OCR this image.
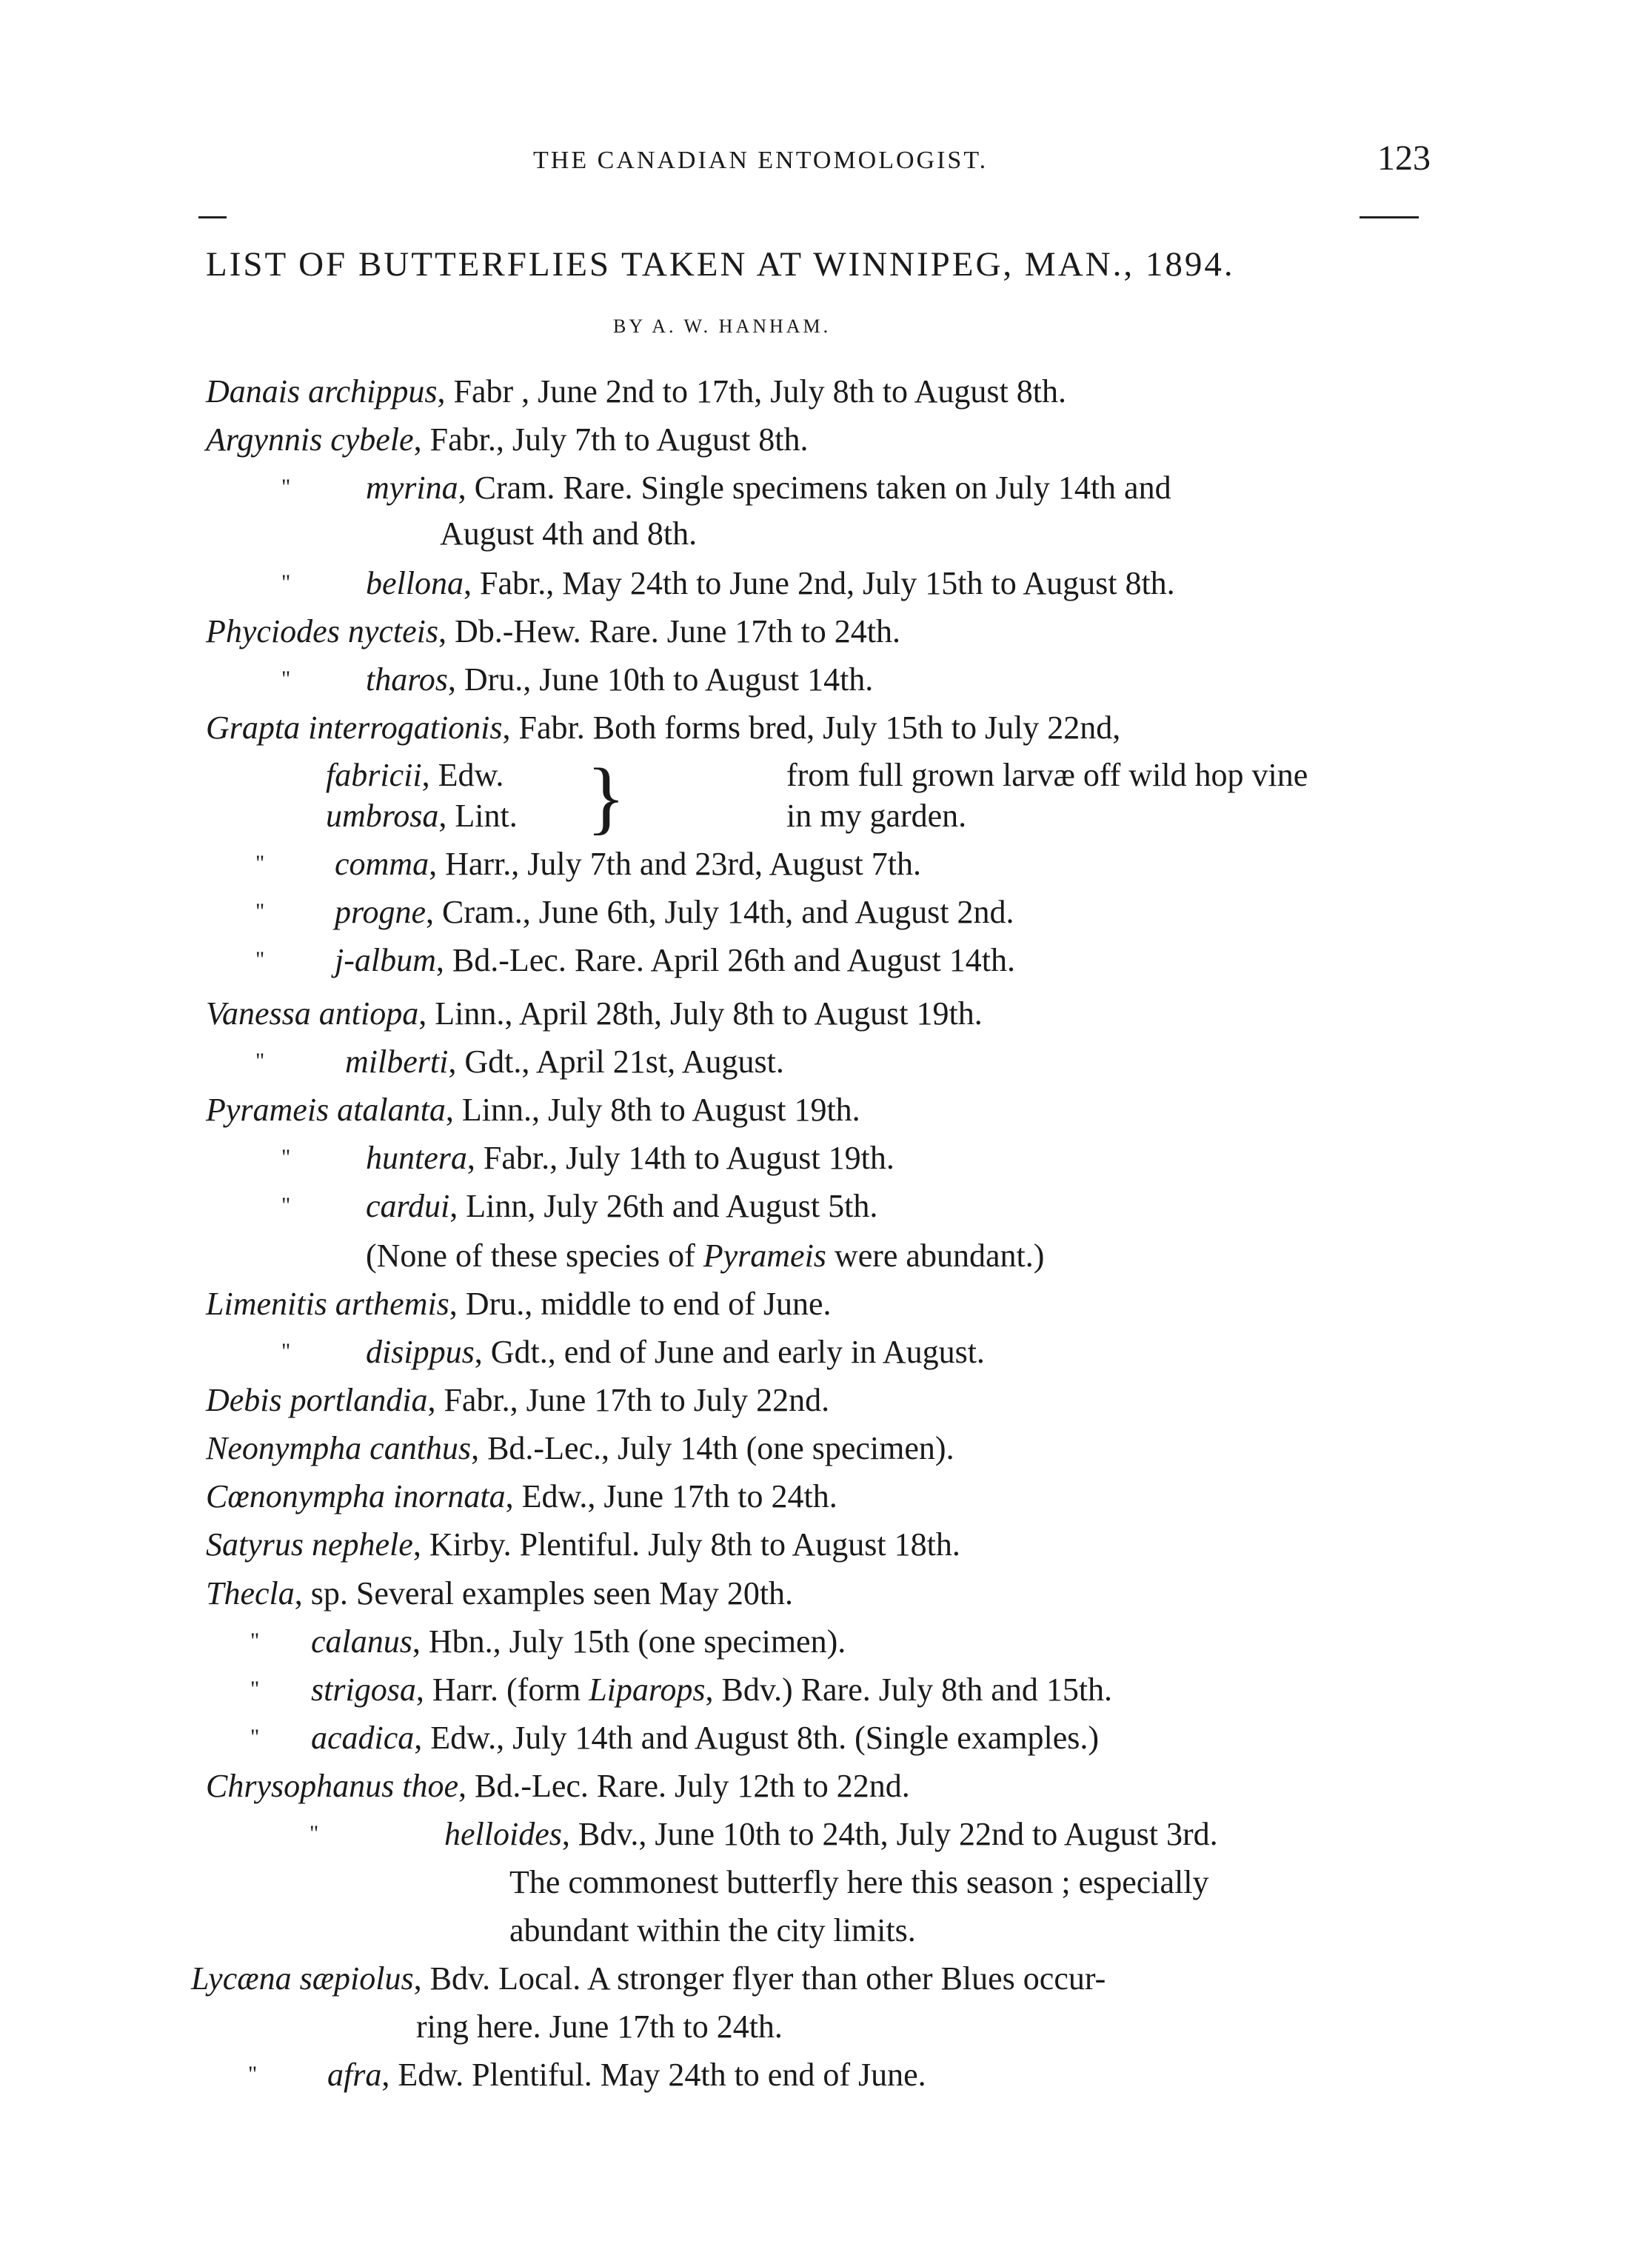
THE CANADIAN ENTOMOLOGIST.	123
LIST OF BUTTERFLIES TAKEN AT WINNIPEG, MAN., 1894.
BY A. W. HANHAM.
Danais archippus, Fabr , June 2nd to 17th, July 8th to August 8th.
Argynnis cybele, Fabr., July 7th to August 8th.
" myrina, Cram. Rare. Single specimens taken on July 14th and
August 4th and 8th.
" bellona, Fabr., May 24th to June 2nd, July 15th to August 8th.
Phyciodes nycteis, Db.-Hew. Rare. June 17th to 24th.
" tharos, Dru., June 10th to August 14th.
Grapta interrogationis, Fabr. Both forms bred, July 15th to July 22nd,
fabricii, Edw.
umbrosa, Lint.
from full grown larvæ off wild hop vine
in my garden.
" comma, Harr., July 7th and 23rd, August 7th.
" progne, Cram., June 6th, July 14th, and August 2nd.
" j-album, Bd.-Lec. Rare. April 26th and August 14th.
Vanessa antiopa, Linn., April 28th, July 8th to August 19th.
" milberti, Gdt., April 21st, August.
Pyrameis atalanta, Linn., July 8th to August 19th.
" huntera, Fabr., July 14th to August 19th.
" cardui, Linn, July 26th and August 5th.
(None of these species of Pyrameis were abundant.)
Limenitis arthemis, Dru., middle to end of June.
" disippus, Gdt., end of June and early in August.
Debis portlandia, Fabr., June 17th to July 22nd.
Neonympha canthus, Bd.-Lec., July 14th (one specimen).
Cœnonympha inornata, Edw., June 17th to 24th.
Satyrus nephele, Kirby. Plentiful. July 8th to August 18th.
Thecla, sp. Several examples seen May 20th.
" calanus, Hbn., July 15th (one specimen).
" strigosa, Harr. (form Liparops, Bdv.) Rare. July 8th and 15th.
" acadica, Edw., July 14th and August 8th. (Single examples.)
Chrysophanus thoe, Bd.-Lec. Rare. July 12th to 22nd.
"	helloides, Bdv., June 10th to 24th, July 22nd to August 3rd.
The commonest butterfly here this season ; especially
abundant within the city limits.
Lycæna sæpiolus, Bdv. Local. A stronger flyer than other Blues occur-
ring here. June 17th to 24th.
" afra, Edw. Plentiful. May 24th to end of June.
}
